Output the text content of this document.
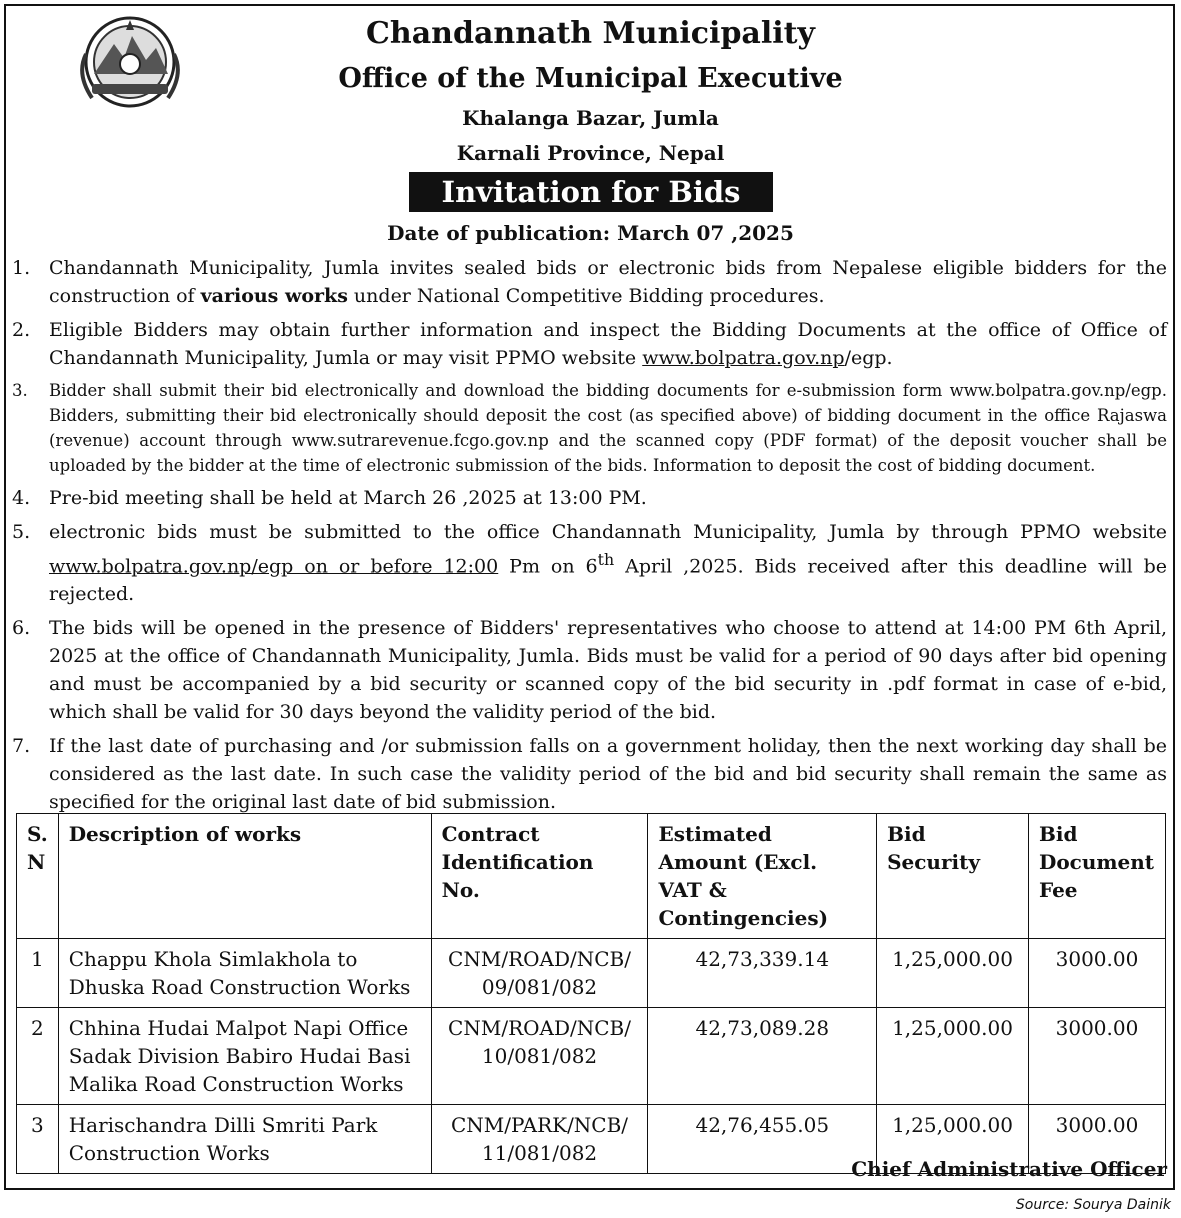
Chandannath Municipality
Office of the Municipal Executive
Khalanga Bazar, Jumla
Karnali Province, Nepal
Invitation for Bids
Date of publication: March 07 ,2025
1. Chandannath Municipality, Jumla invites sealed bids or electronic bids from Nepalese eligible bidders for the construction of various works under National Competitive Bidding procedures.
2. Eligible Bidders may obtain further information and inspect the Bidding Documents at the office of Office of Chandannath Municipality, Jumla or may visit PPMO website www.bolpatra.gov.np/egp.
3.	Bidder shall submit their bid electronically and download the bidding documents for e-submission form www.bolpatra.gov.np/egp. Bidders, submitting their bid electronically should deposit the cost (as specified above) of bidding document in the office Rajaswa (revenue) account through www.sutrarevenue.fcgo.gov.np and the scanned copy (PDF format) of the deposit voucher shall be uploaded by the bidder at the time of electronic submission of the bids. Information to deposit the cost of bidding document.
4. Pre-bid meeting shall be held at March 26 ,2025 at 13:00 PM.
5. electronic bids must be submitted to the office Chandannath Municipality, Jumla by through PPMO website www.bolpatra.gov.np/egp on or before 12:00 Pm on 6th April ,2025. Bids received after this deadline will be rejected.
6. The bids will be opened in the presence of Bidders' representatives who choose to attend at 14:00 PM 6th April, 2025 at the office of Chandannath Municipality, Jumla. Bids must be valid for a period of 90 days after bid opening and must be accompanied by a bid security or scanned copy of the bid security in .pdf format in case of e-bid, which shall be valid for 30 days beyond the validity period of the bid.
7. If the last date of purchasing and /or submission falls on a government holiday, then the next working day shall be considered as the last date. In such case the validity period of the bid and bid security shall remain the same as specified for the original last date of bid submission.
S. N	Description of works	Contract Identification No.	Estimated Amount (Excl. VAT & Contingencies)	Bid Security	Bid Document Fee
1	Chappu Khola Simlakhola to Dhuska Road Construction Works	CNM/ROAD/NCB/ 09/081/082	42,73,339.14	1,25,000.00	3000.00
2	Chhina Hudai Malpot Napi Office Sadak Division Babiro Hudai Basi Malika Road Construction Works	CNM/ROAD/NCB/ 10/081/082	42,73,089.28	1,25,000.00	3000.00
3	Harischandra Dilli Smriti Park Construction Works	CNM/PARK/NCB/ 11/081/082	42,76,455.05	1,25,000.00	3000.00
Chief Administrative Officer
Source: Sourya Dainik
